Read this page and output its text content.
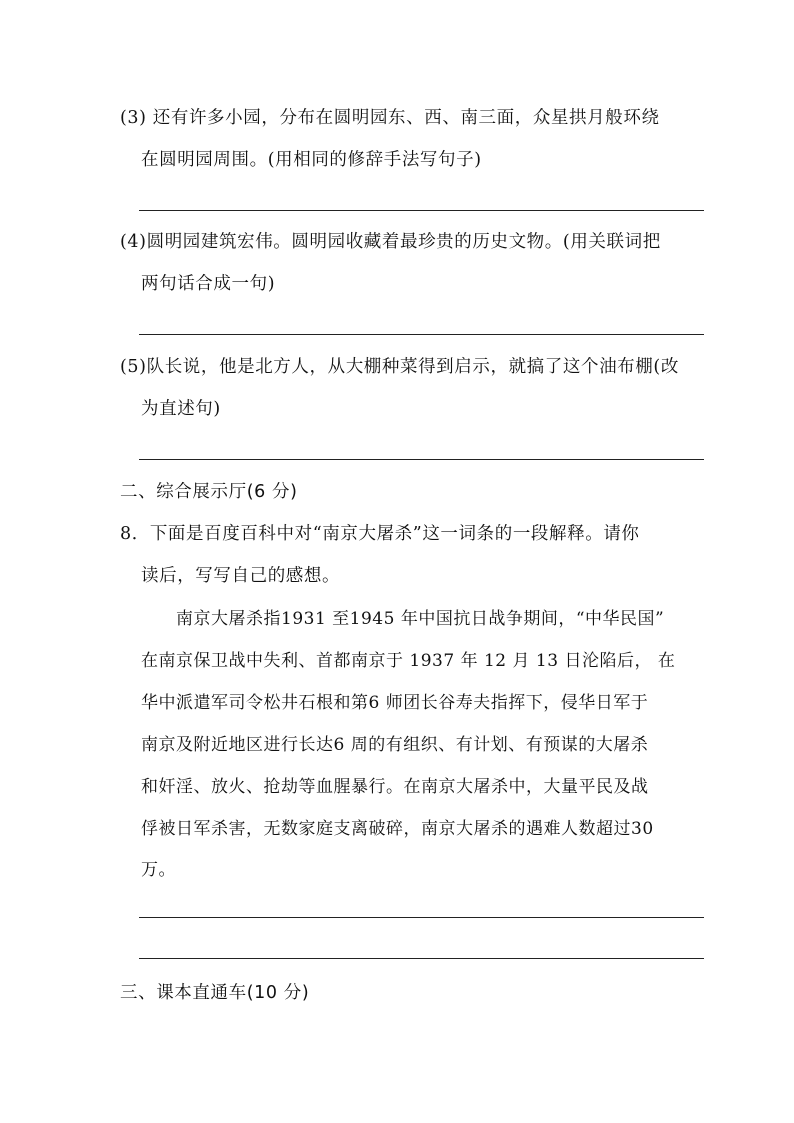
(3) 还有许多小园，分布在圆明园东、西、南三面，众星拱月般环绕
在圆明园周围。(用相同的修辞手法写句子)
(4)圆明园建筑宏伟。圆明园收藏着最珍贵的历史文物。(用关联词把
两句话合成一句)
(5)队长说，他是北方人，从大棚种菜得到启示，就搞了这个油布棚(改
为直述句)
二、综合展示厅(6 分)
8．下面是百度百科中对“南京大屠杀”这一词条的一段解释。请你
读后，写写自己的感想。
　　南京大屠杀指1931 至1945 年中国抗日战争期间，“中华民国”
在南京保卫战中失利、首都南京于 1937 年 12 月 13 日沦陷后， 在
华中派遣军司令松井石根和第6 师团长谷寿夫指挥下，侵华日军于
南京及附近地区进行长达6 周的有组织、有计划、有预谋的大屠杀
和奸淫、放火、抢劫等血腥暴行。在南京大屠杀中，大量平民及战
俘被日军杀害，无数家庭支离破碎，南京大屠杀的遇难人数超过30
万。
三、课本直通车(10 分)
